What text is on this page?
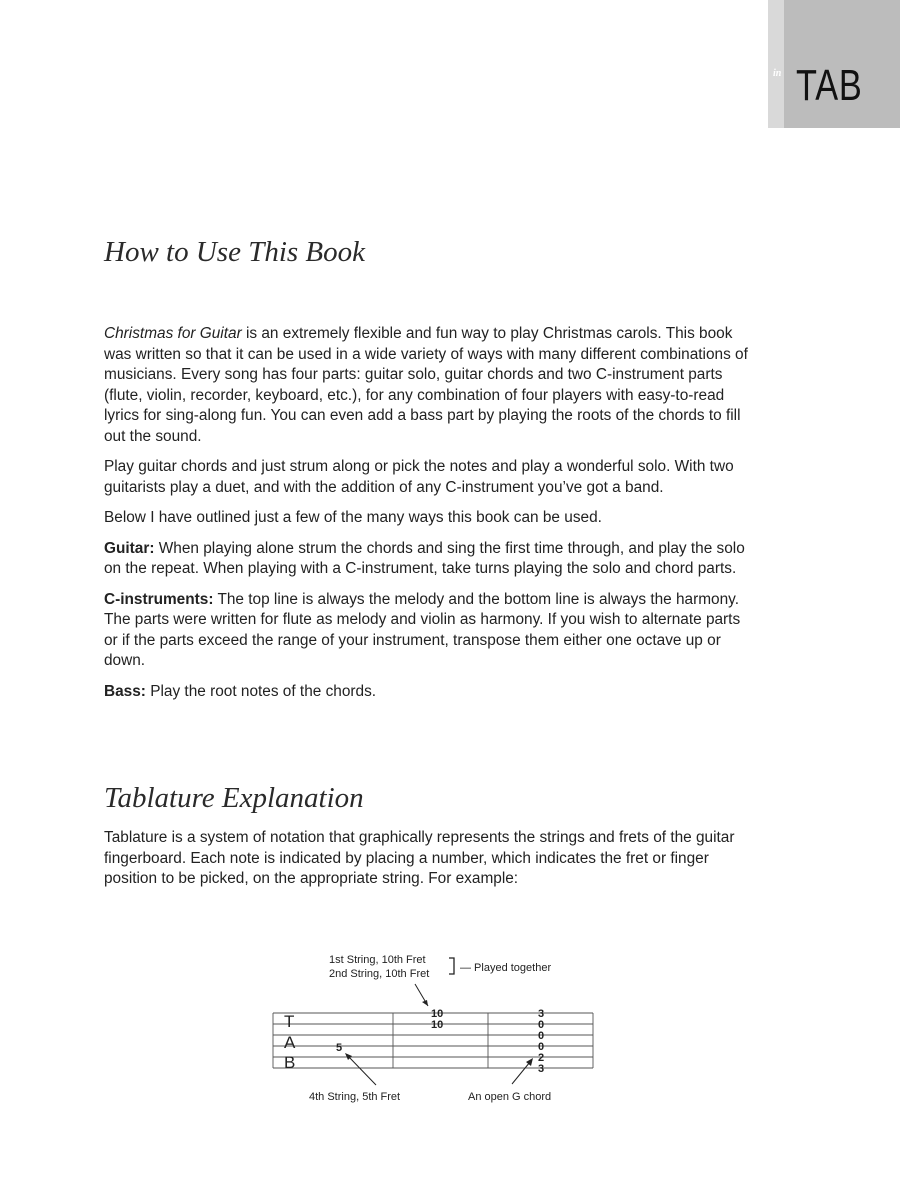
in TAB
How to Use This Book

Christmas for Guitar is an extremely flexible and fun way to play Christmas carols. This book was written so that it can be used in a wide variety of ways with many different combinations of musicians. Every song has four parts: guitar solo, guitar chords and two C-instrument parts (flute, violin, recorder, keyboard, etc.), for any combination of four players with easy-to-read lyrics for sing-along fun. You can even add a bass part by playing the roots of the chords to fill out the sound.

Play guitar chords and just strum along or pick the notes and play a wonderful solo. With two guitarists play a duet, and with the addition of any C-instrument you’ve got a band.

Below I have outlined just a few of the many ways this book can be used.

Guitar: When playing alone strum the chords and sing the first time through, and play the solo on the repeat. When playing with a C-instrument, take turns playing the solo and chord parts.

C-instruments: The top line is always the melody and the bottom line is always the harmony. The parts were written for flute as melody and violin as harmony. If you wish to alternate parts or if the parts exceed the range of your instrument, transpose them either one octave up or down.

Bass: Play the root notes of the chords.

Tablature Explanation

Tablature is a system of notation that graphically represents the strings and frets of the guitar fingerboard. Each note is indicated by placing a number, which indicates the fret or finger position to be picked, on the appropriate string. For example:

1st String, 10th Fret
2nd String, 10th Fret	— Played together
T
A
B
5
10
10
3
0
0
0
2
3
4th String, 5th Fret	An open G chord
